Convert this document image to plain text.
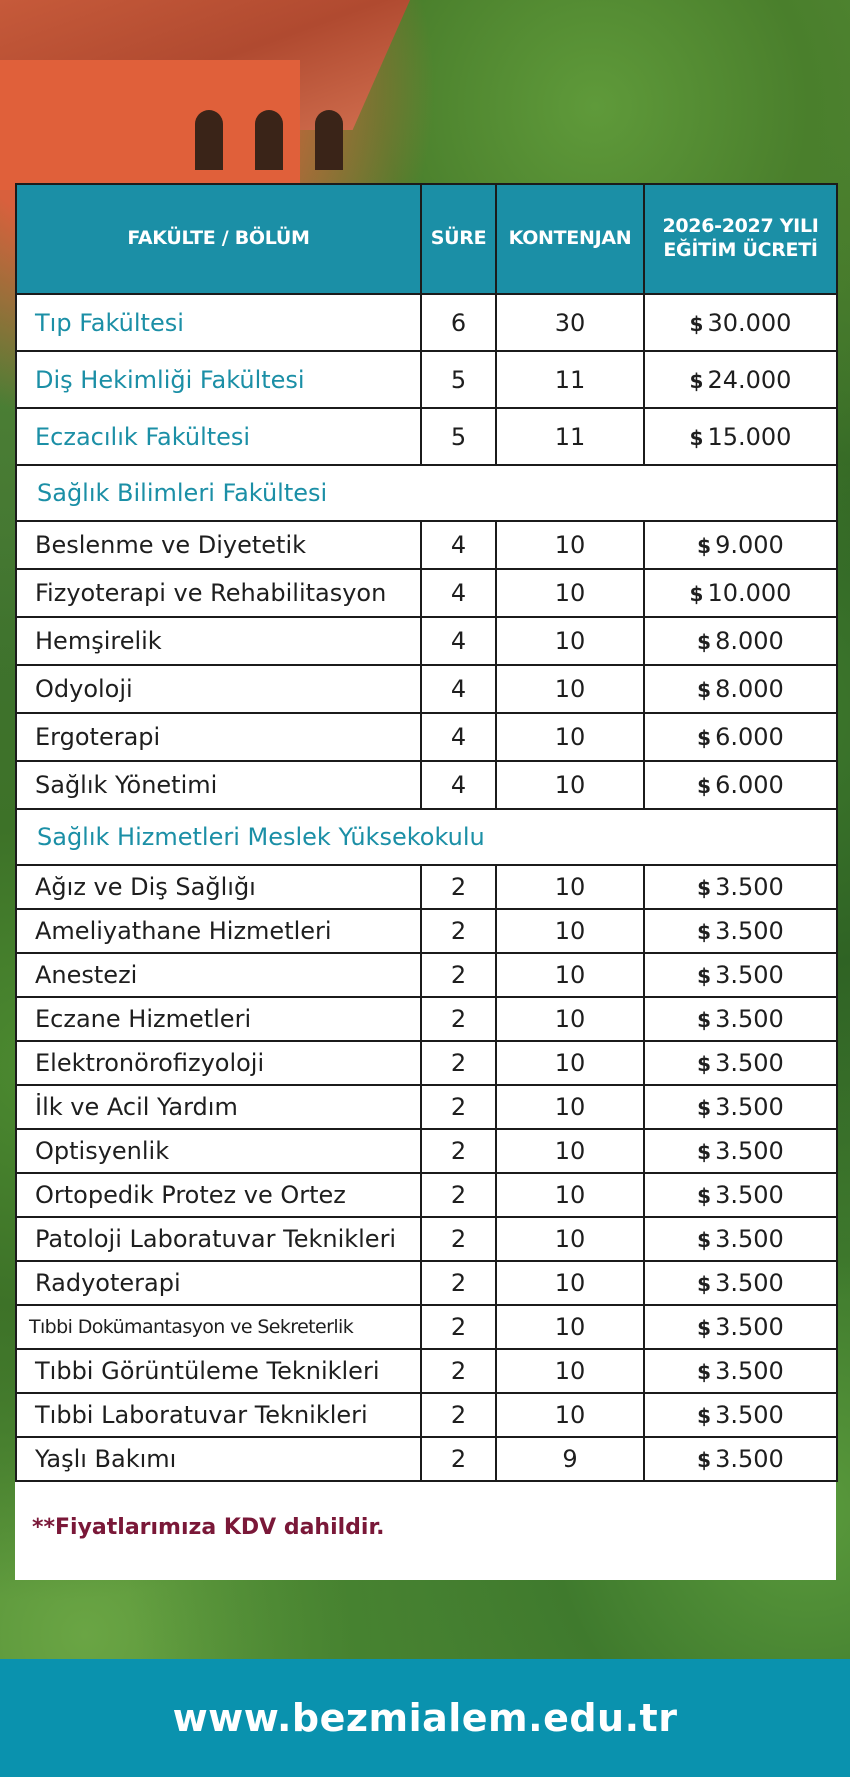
FAKÜLTE / BÖLÜM	SÜRE	KONTENJAN	2026-2027 YILI
EĞİTİM ÜCRETİ
Tıp Fakültesi	6	30	$ 30.000
Diş Hekimliği Fakültesi	5	11	$ 24.000
Eczacılık Fakültesi	5	11	$ 15.000
Sağlık Bilimleri Fakültesi			
Beslenme ve Diyetetik	4	10	$ 9.000
Fizyoterapi ve Rehabilitasyon	4	10	$ 10.000
Hemşirelik	4	10	$ 8.000
Odyoloji	4	10	$ 8.000
Ergoterapi	4	10	$ 6.000
Sağlık Yönetimi	4	10	$ 6.000
Sağlık Hizmetleri Meslek Yüksekokulu			
Ağız ve Diş Sağlığı	2	10	$ 3.500
Ameliyathane Hizmetleri	2	10	$ 3.500
Anestezi	2	10	$ 3.500
Eczane Hizmetleri	2	10	$ 3.500
Elektronörofizyoloji	2	10	$ 3.500
İlk ve Acil Yardım	2	10	$ 3.500
Optisyenlik	2	10	$ 3.500
Ortopedik Protez ve Ortez	2	10	$ 3.500
Patoloji Laboratuvar Teknikleri	2	10	$ 3.500
Radyoterapi	2	10	$ 3.500
Tıbbi Dokümantasyon ve Sekreterlik	2	10	$ 3.500
Tıbbi Görüntüleme Teknikleri	2	10	$ 3.500
Tıbbi Laboratuvar Teknikleri	2	10	$ 3.500
Yaşlı Bakımı	2	9	$ 3.500
**Fiyatlarımıza KDV dahildir.
www.bezmialem.edu.tr
